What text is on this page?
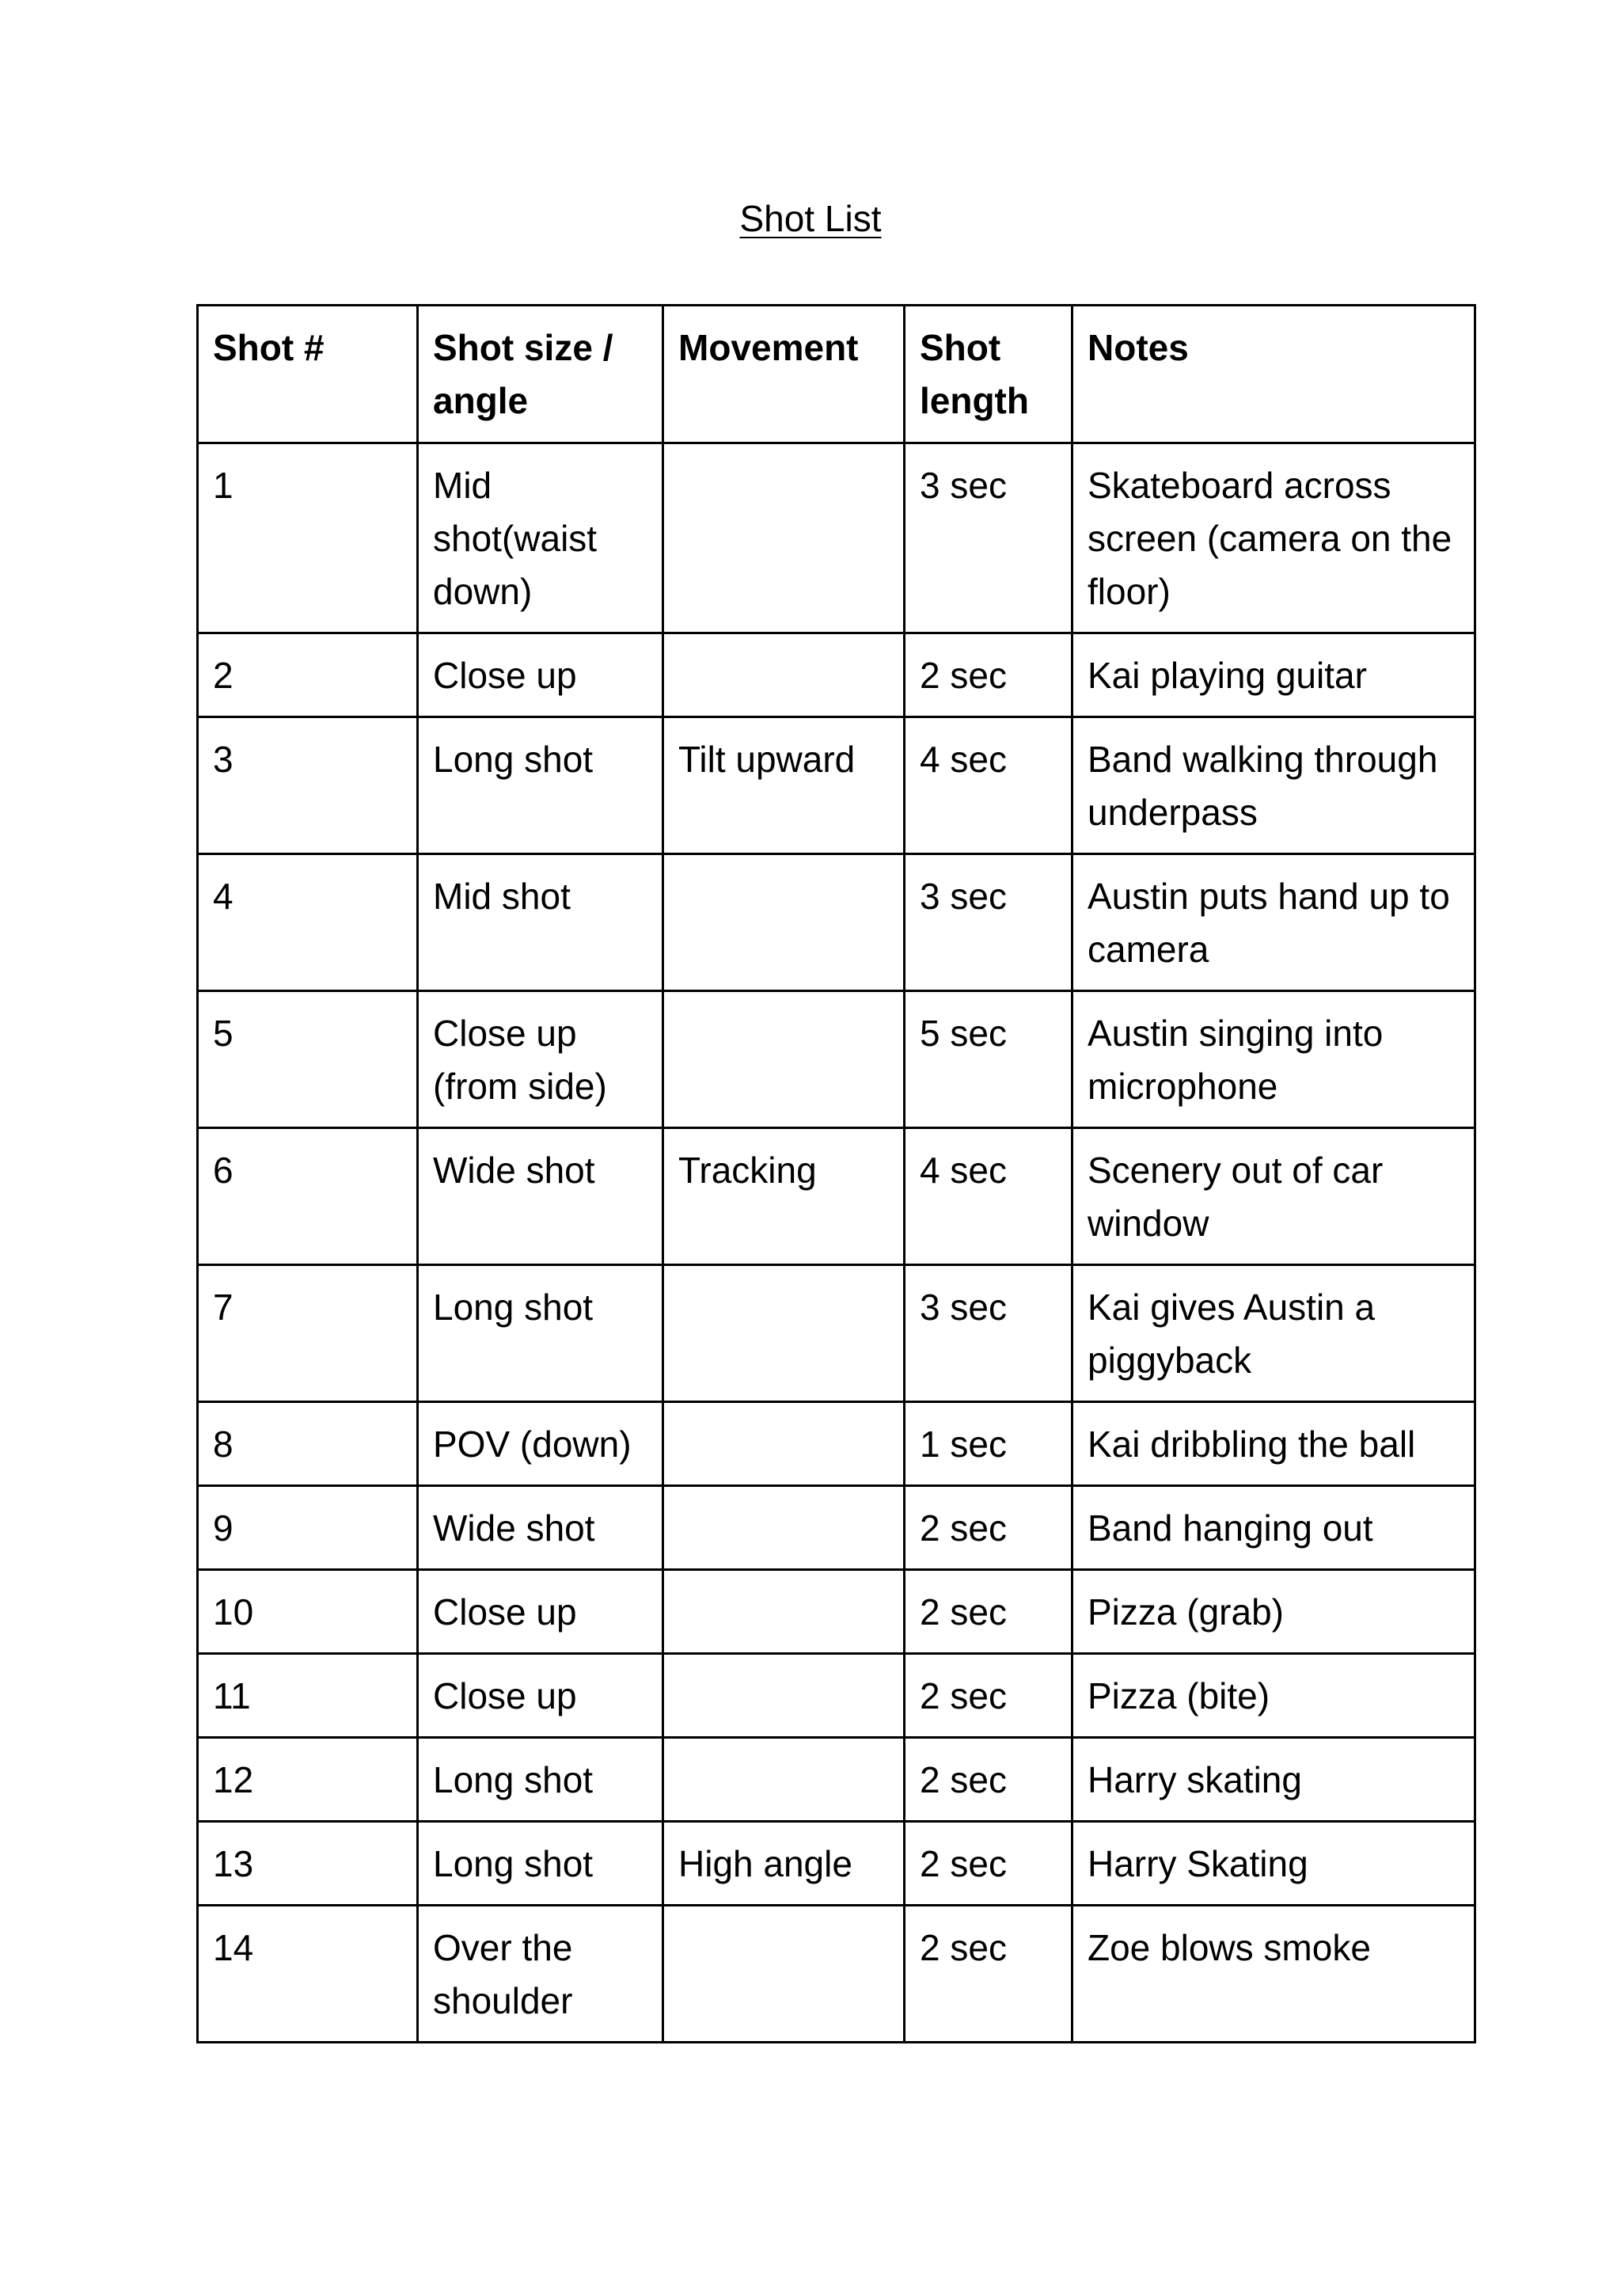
Shot List
Shot #	Shot size / angle	Movement	Shot length	Notes
1	Mid shot(waist down)		3 sec	Skateboard across screen (camera on the floor)
2	Close up		2 sec	Kai playing guitar
3	Long shot	Tilt upward	4 sec	Band walking through underpass
4	Mid shot		3 sec	Austin puts hand up to camera
5	Close up (from side)		5 sec	Austin singing into microphone
6	Wide shot	Tracking	4 sec	Scenery out of car window
7	Long shot		3 sec	Kai gives Austin a piggyback
8	POV (down)		1 sec	Kai dribbling the ball
9	Wide shot		2 sec	Band hanging out
10	Close up		2 sec	Pizza (grab)
11	Close up		2 sec	Pizza (bite)
12	Long shot		2 sec	Harry skating
13	Long shot	High angle	2 sec	Harry Skating
14	Over the shoulder		2 sec	Zoe blows smoke
